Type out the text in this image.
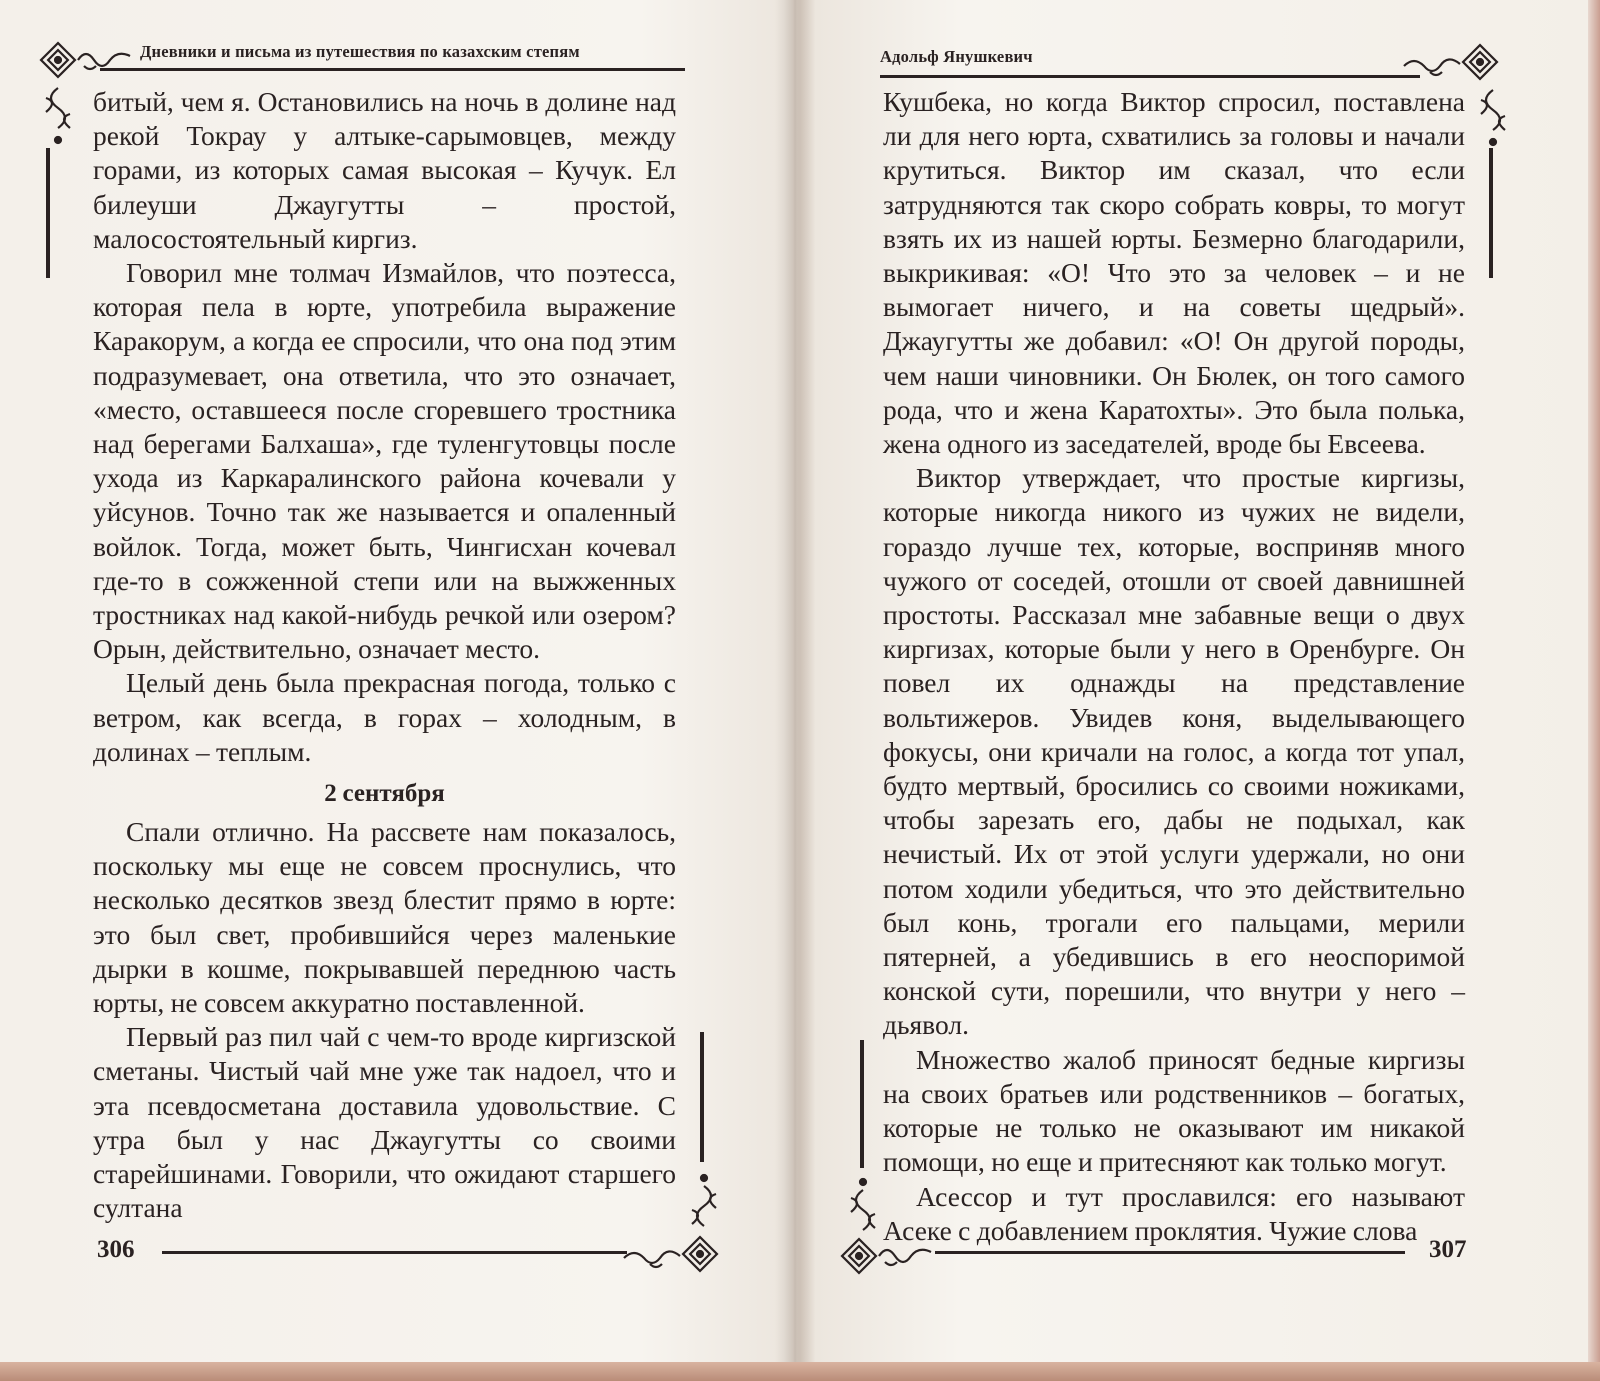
Дневники и письма из путешествия по казахским степям

битый, чем я. Остановились на ночь в долине над рекой Токрау у алтыке-сарымовцев, между горами, из которых самая высокая – Кучук. Ел билеуши Джаугутты – простой, малосостоятельный киргиз.

Говорил мне толмач Измайлов, что поэтесса, которая пела в юрте, употребила выражение Каракорум, а когда ее спросили, что она под этим подразумевает, она ответила, что это означает, «место, оставшееся после сгоревшего тростника над берегами Балхаша», где туленгутовцы после ухода из Каркаралинского района кочевали у уйсунов. Точно так же называется и опаленный войлок. Тогда, может быть, Чингисхан кочевал где-то в сожженной степи или на выжженных тростниках над какой-нибудь речкой или озером? Орын, действительно, означает место.

Целый день была прекрасная погода, только с ветром, как всегда, в горах – холодным, в долинах – теплым.

2 сентября

Спали отлично. На рассвете нам показалось, поскольку мы еще не совсем проснулись, что несколько десятков звезд блестит прямо в юрте: это был свет, пробившийся через маленькие дырки в кошме, покрывавшей переднюю часть юрты, не совсем аккуратно поставленной.

Первый раз пил чай с чем-то вроде киргизской сметаны. Чистый чай мне уже так надоел, что и эта псевдосметана доставила удовольствие. С утра был у нас Джаугутты со своими старейшинами. Говорили, что ожидают старшего султана

306
Адольф Янушкевич

Кушбека, но когда Виктор спросил, поставлена ли для него юрта, схватились за головы и начали крутиться. Виктор им сказал, что если затрудняются так скоро собрать ковры, то могут взять их из нашей юрты. Безмерно благодарили, выкрикивая: «О! Что это за человек – и не вымогает ничего, и на советы щедрый». Джаугутты же добавил: «О! Он другой породы, чем наши чиновники. Он Бюлек, он того самого рода, что и жена Каратохты». Это была полька, жена одного из заседателей, вроде бы Евсеева.

Виктор утверждает, что простые киргизы, которые никогда никого из чужих не видели, гораздо лучше тех, которые, восприняв много чужого от соседей, отошли от своей давнишней простоты. Рассказал мне забавные вещи о двух киргизах, которые были у него в Оренбурге. Он повел их однажды на представление вольтижеров. Увидев коня, выделывающего фокусы, они кричали на голос, а когда тот упал, будто мертвый, бросились со своими ножиками, чтобы зарезать его, дабы не подыхал, как нечистый. Их от этой услуги удержали, но они потом ходили убедиться, что это действительно был конь, трогали его пальцами, мерили пятерней, а убедившись в его неоспоримой конской сути, порешили, что внутри у него – дьявол.

Множество жалоб приносят бедные киргизы на своих братьев или родственников – богатых, которые не только не оказывают им никакой помощи, но еще и притесняют как только могут.

Асессор и тут прославился: его называют Асеке с добавлением проклятия. Чужие слова

307
